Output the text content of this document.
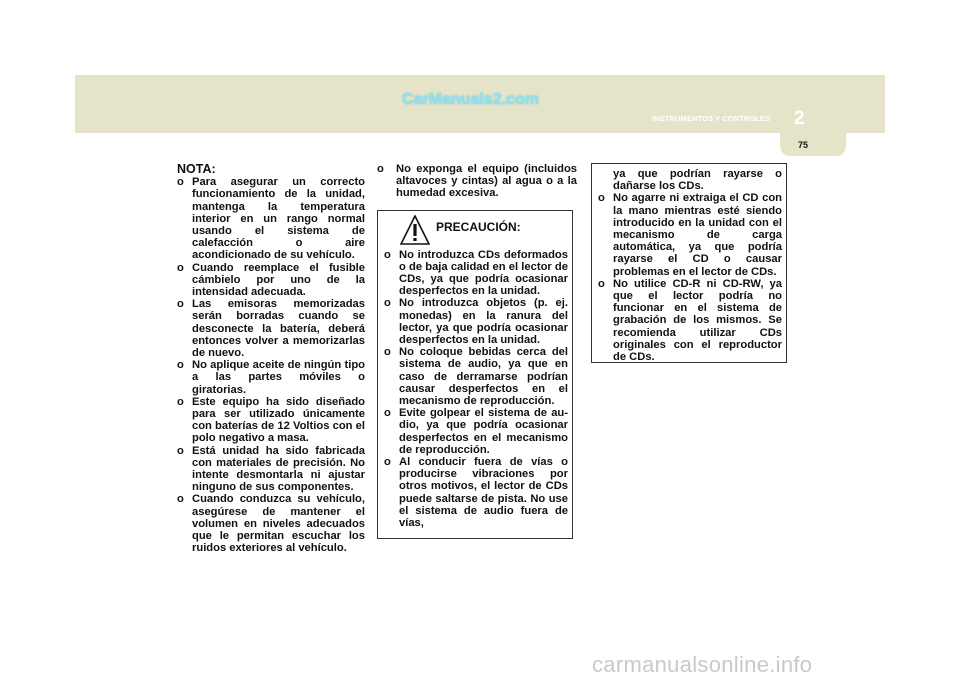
CarManuals2.com
INSTRUMENTOS Y CONTROLES 2
75
NOTA:
o Para asegurar un correcto funcionamiento de la unidad, mantenga la temperatura interior en un rango normal usando el sistema de calefacción o aire acondicionado de su vehículo.
o Cuando reemplace el fusible cámbielo por uno de la intensidad adecuada.
o Las emisoras memorizadas serán borradas cuando se desconecte la batería, deberá entonces volver a memorizarlas de nuevo.
o No aplique aceite de ningún tipo a las partes móviles o giratorias.
o Este equipo ha sido diseñado para ser utilizado únicamente con baterías de 12 Voltios con el polo negativo a masa.
o Está unidad ha sido fabricada con materiales de precisión. No intente desmontarla ni ajustar ninguno de sus componentes.
o Cuando conduzca su vehículo, asegúrese de mantener el volumen en niveles adecuados que le permitan escuchar los ruidos exteriores al vehículo.
o No exponga el equipo (incluidos altavoces y cintas) al agua o a la humedad excesiva.
PRECAUCIÓN:
o No introduzca CDs deformados o de baja calidad en el lector de CDs, ya que podría ocasionar desperfectos en la unidad.
o No introduzca objetos (p. ej. monedas) en la ranura del lector, ya que podría ocasionar desperfectos en la unidad.
o No coloque bebidas cerca del sistema de audio, ya que en caso de derramarse podrían causar desperfectos en el mecanismo de reproducción.
o Evite golpear el sistema de au- dio, ya que podría ocasionar desperfectos en el mecanismo de reproducción.
o Al conducir fuera de vías o producirse vibraciones por otros motivos, el lector de CDs puede saltarse de pista. No use el sistema de audio fuera de vías,
ya que podrían rayarse o dañarse los CDs.
o No agarre ni extraiga el CD con la mano mientras esté siendo introducido en la unidad con el mecanismo de carga automática, ya que podría rayarse el CD o causar problemas en el lector de CDs.
o No utilice CD-R ni CD-RW, ya que el lector podría no funcionar en el sistema de grabación de los mismos. Se recomienda utilizar CDs originales con el reproductor de CDs.
carmanualsonline.info
